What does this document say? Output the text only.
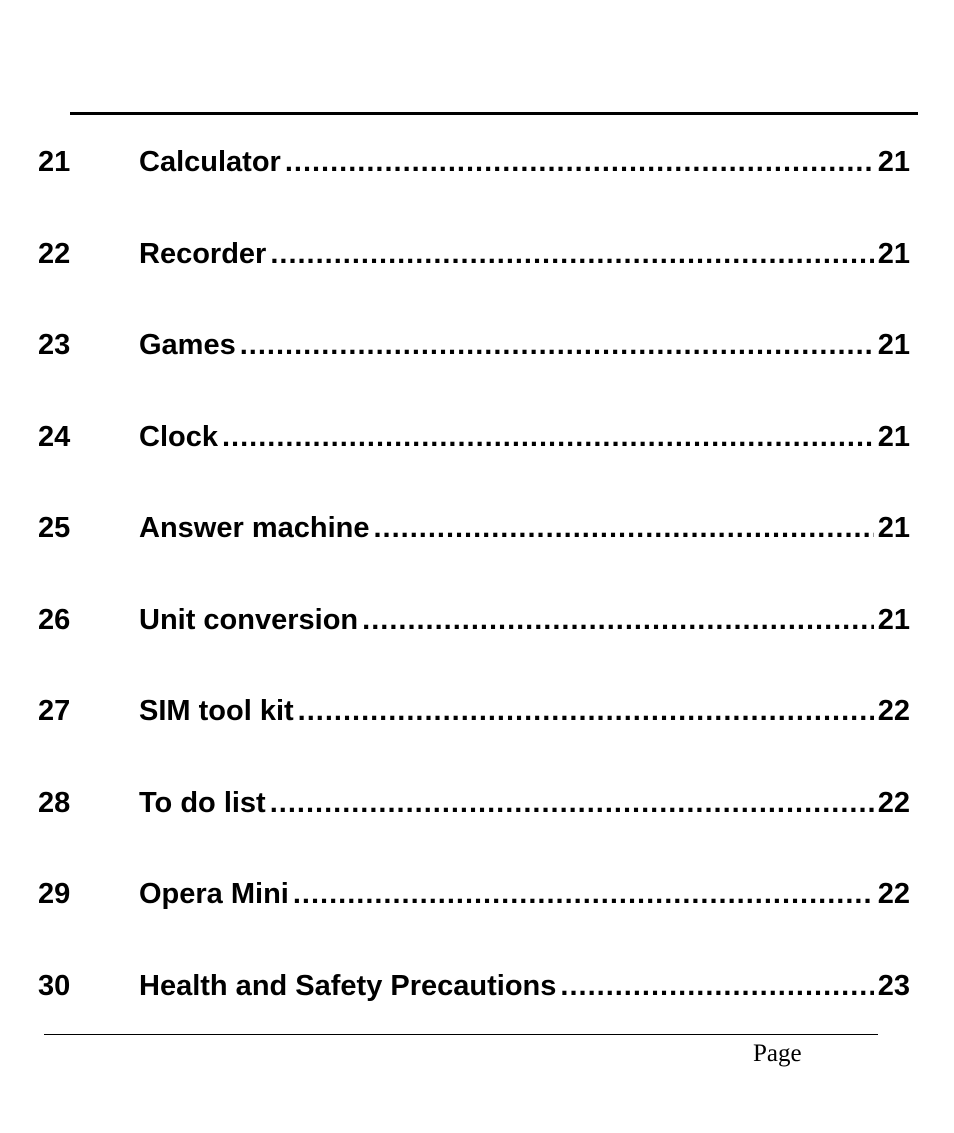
21	Calculator .....	21
22	Recorder .....	21
23	Games .....	21
24	Clock .....	21
25	Answer machine .....	21
26	Unit conversion .....	21
27	SIM tool kit .....	22
28	To do list .....	22
29	Opera Mini .....	22
30	Health and Safety Precautions .....	23
Page
